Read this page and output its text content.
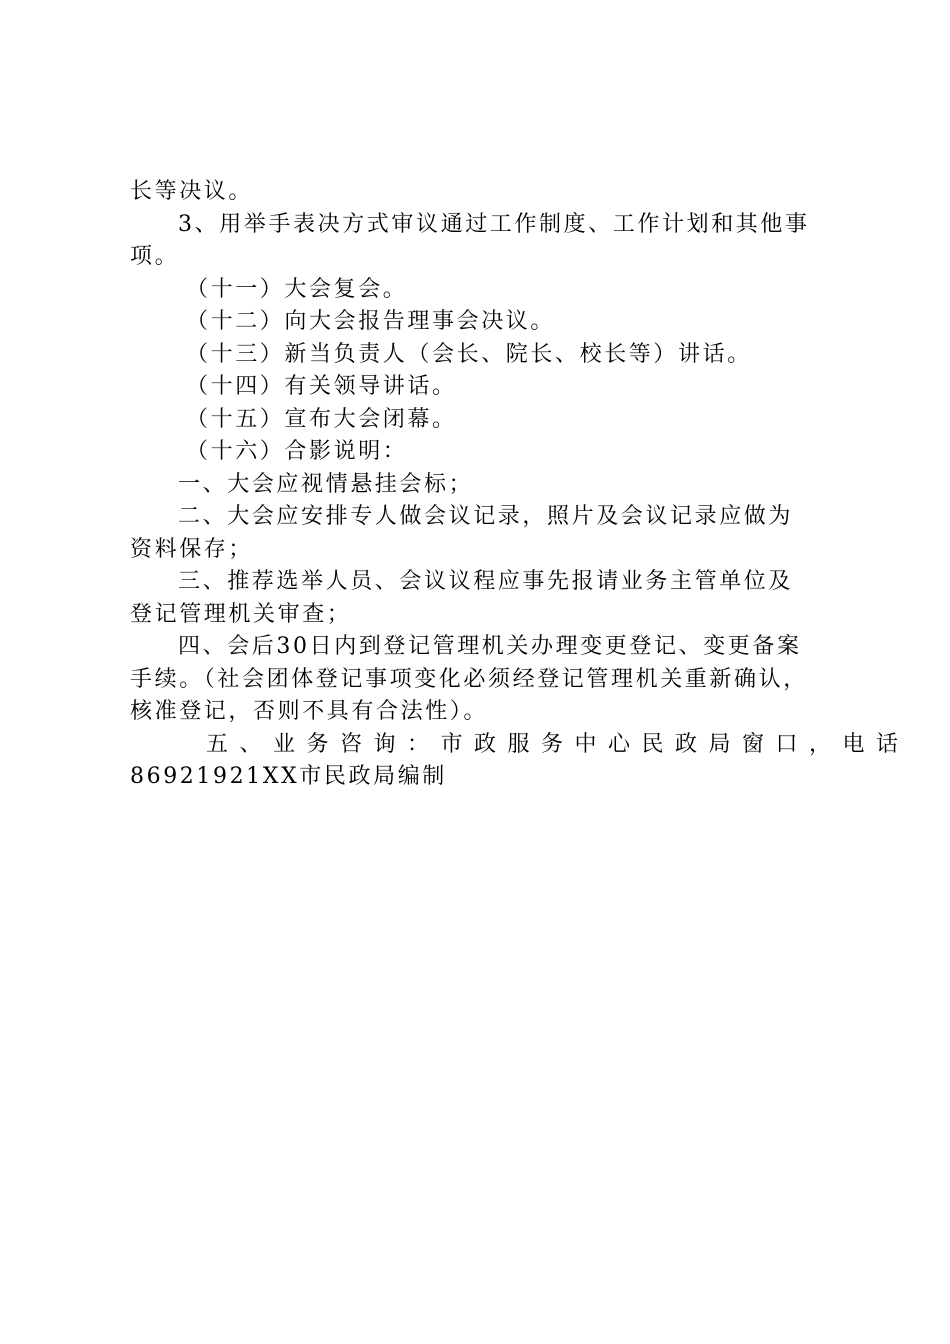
长等决议。
3、用举手表决方式审议通过工作制度、工作计划和其他事
项。
（十一）大会复会。
（十二）向大会报告理事会决议。
（十三）新当负责人（会长、院长、校长等）讲话。
（十四）有关领导讲话。
（十五）宣布大会闭幕。
（十六）合影说明：
一、大会应视情悬挂会标；
二、大会应安排专人做会议记录，照片及会议记录应做为
资料保存；
三、推荐选举人员、会议议程应事先报请业务主管单位及
登记管理机关审查；
四、会后30日内到登记管理机关办理变更登记、变更备案
手续。（社会团体登记事项变化必须经登记管理机关重新确认，
核准登记，否则不具有合法性）。
五、业务咨询：市政服务中心民政局窗口，电话
86921921XX市民政局编制
